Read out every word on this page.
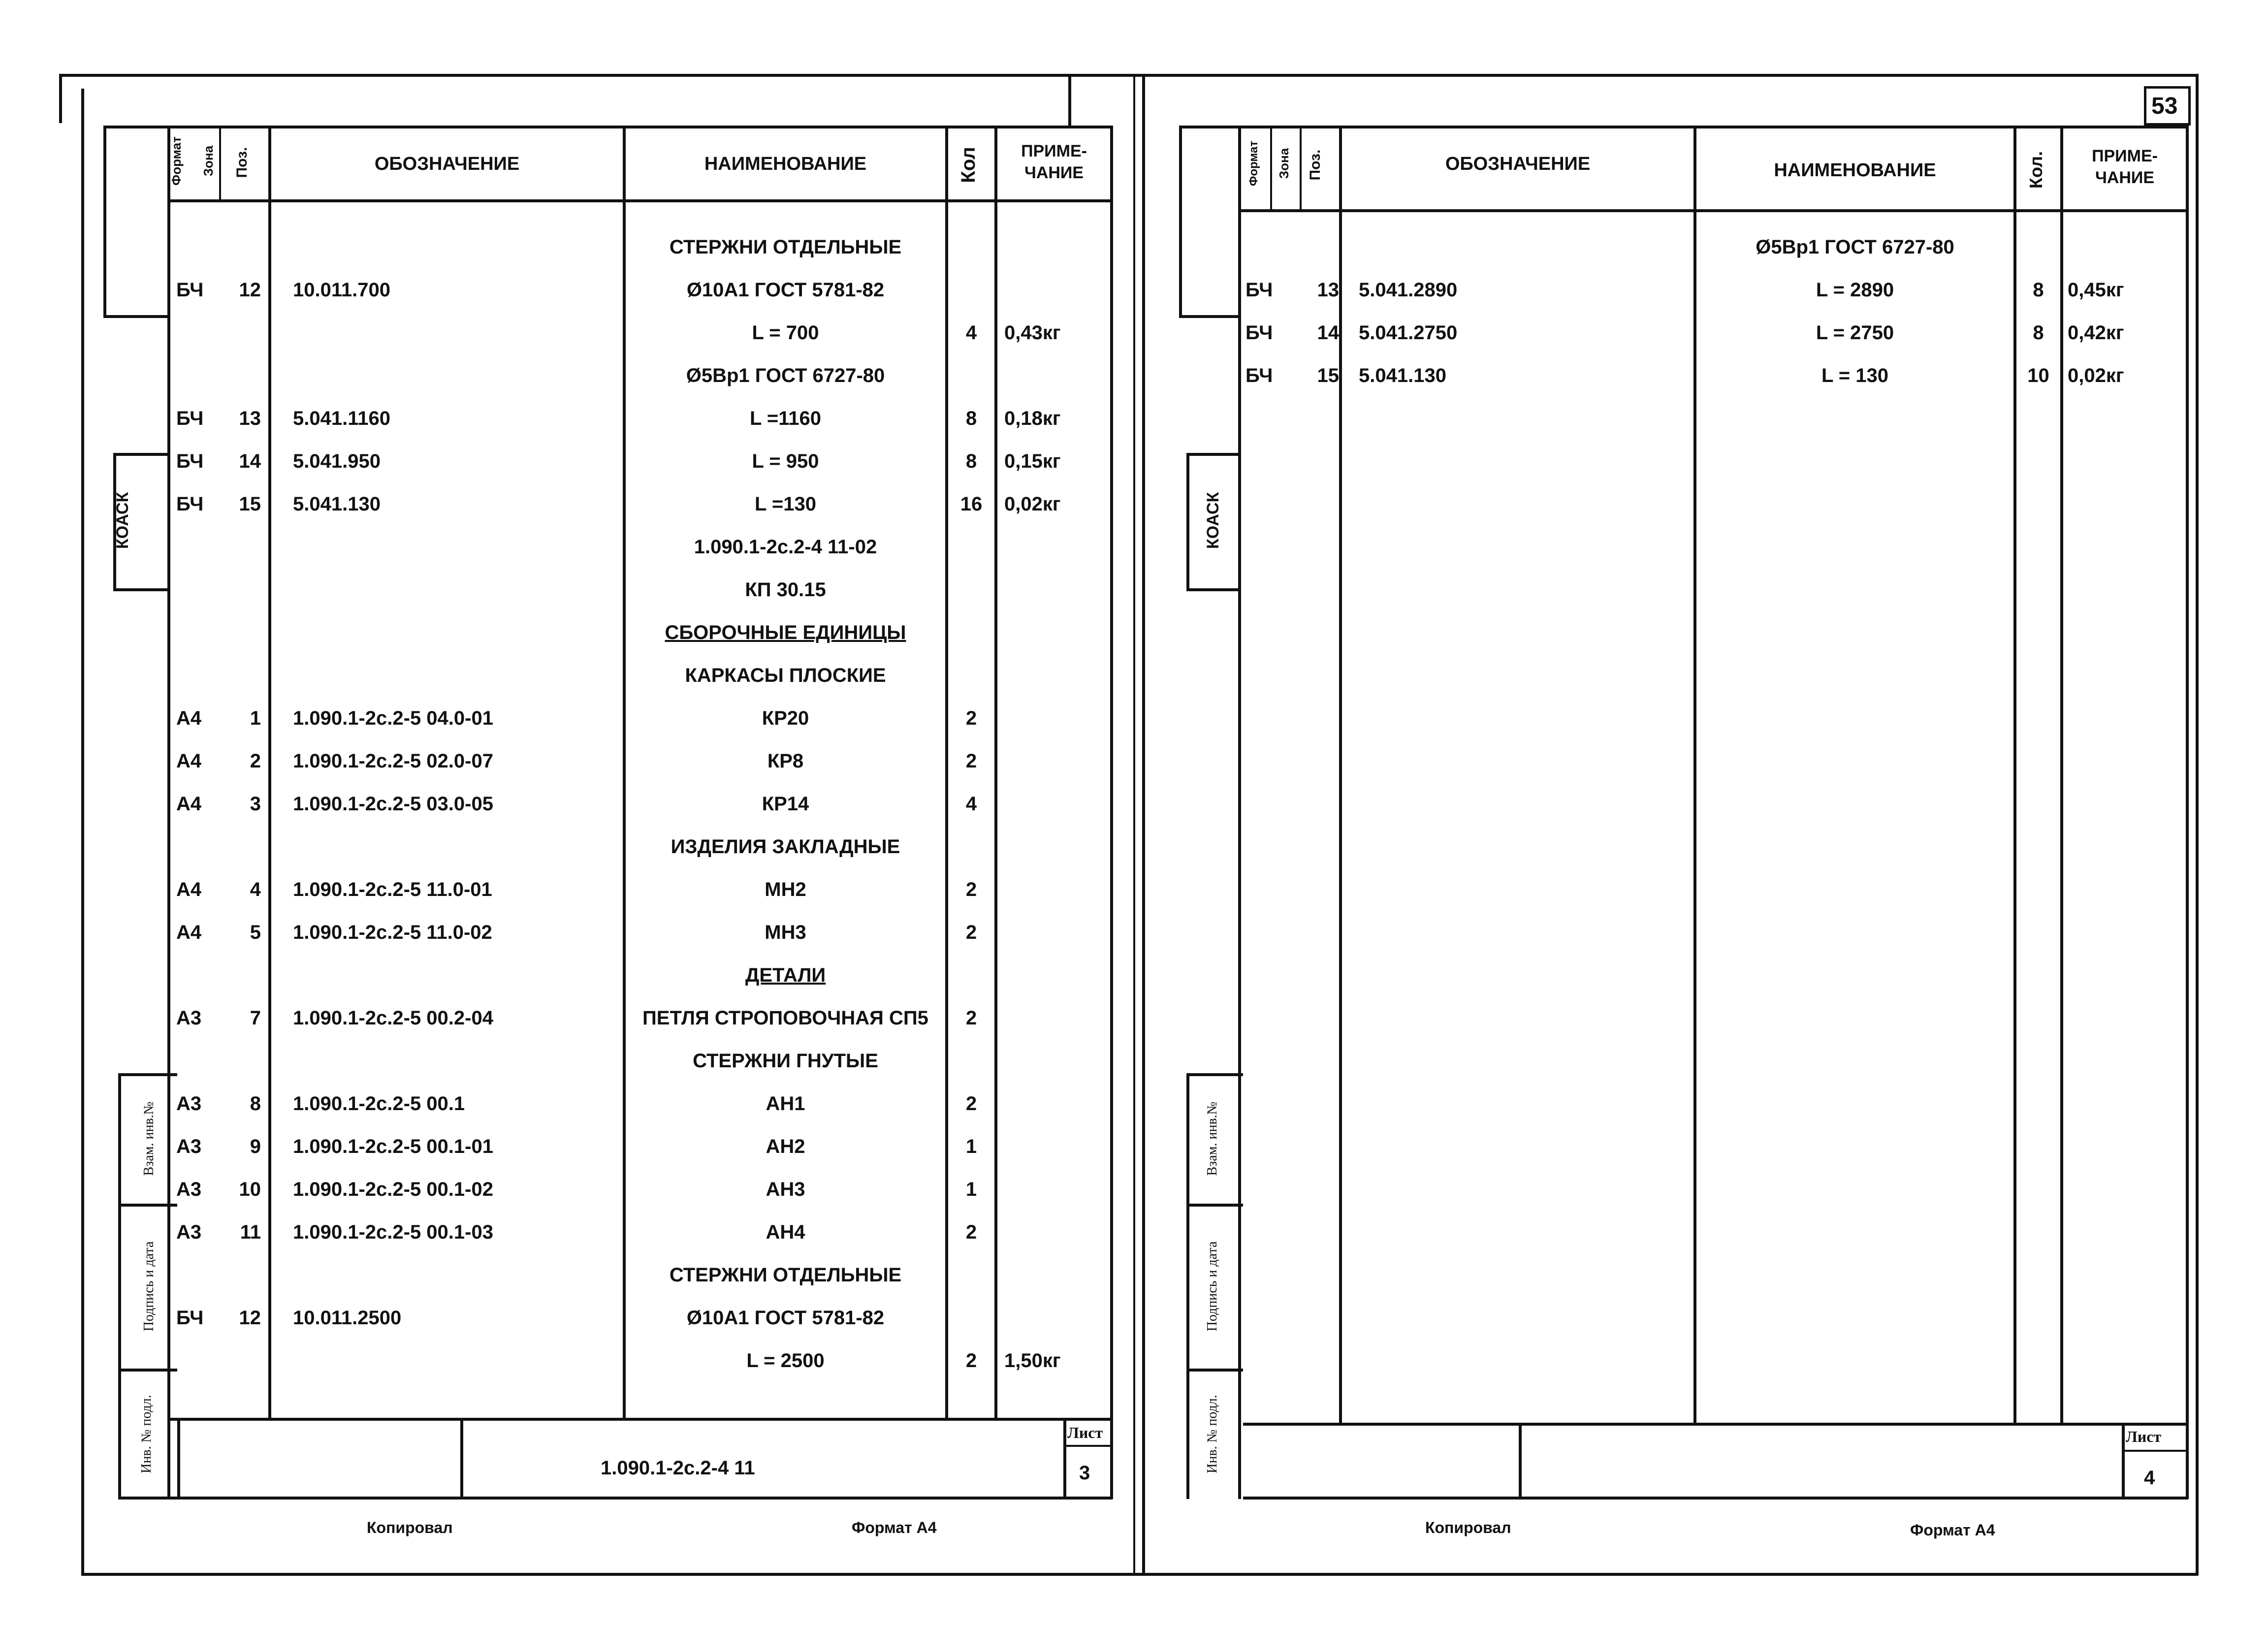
53
Формат Зона Поз.	ОБОЗНАЧЕНИЕ	НАИМЕНОВАНИЕ	Кол	ПРИМЕ-
ЧАНИЕ
КОАСК
Взам. инв.№
Подпись и дата
Инв. № подл.
СТЕРЖНИ ОТДЕЛЬНЫЕ
БЧ	12 10.011.700	Ø10А1 ГОСТ 5781-82
L = 700	4	0,43кг
Ø5Вр1 ГОСТ 6727-80
БЧ	13 5.041.1160	L =1160	8	0,18кг
БЧ	14 5.041.950	L = 950	8	0,15кг
БЧ	15 5.041.130	L =130	16	0,02кг
1.090.1-2с.2-4 11-02
КП 30.15
СБОРОЧНЫЕ ЕДИНИЦЫ
КАРКАСЫ ПЛОСКИЕ
А4	1 1.090.1-2с.2-5 04.0-01	КР20	2
А4	2 1.090.1-2с.2-5 02.0-07	КР8	2
А4	3 1.090.1-2с.2-5 03.0-05	КР14	4
ИЗДЕЛИЯ ЗАКЛАДНЫЕ
А4	4 1.090.1-2с.2-5 11.0-01	МН2	2
А4	5 1.090.1-2с.2-5 11.0-02	МН3	2
ДЕТАЛИ
А3	7 1.090.1-2с.2-5 00.2-04	ПЕТЛЯ СТРОПОВОЧНАЯ СП5	2
СТЕРЖНИ ГНУТЫЕ
А3	8 1.090.1-2с.2-5 00.1	АН1	2
А3	9 1.090.1-2с.2-5 00.1-01	АН2	1
А3	10 1.090.1-2с.2-5 00.1-02	АН3	1
А3	11 1.090.1-2с.2-5 00.1-03	АН4	2
СТЕРЖНИ ОТДЕЛЬНЫЕ
БЧ	12 10.011.2500	Ø10А1 ГОСТ 5781-82
L = 2500	2	1,50кг
1.090.1-2с.2-4 11
Лист
3
Копировал	Формат А4
Формат Зона Поз.	ОБОЗНАЧЕНИЕ	НАИМЕНОВАНИЕ	Кол.	ПРИМЕ-
ЧАНИЕ
КОАСК
Взам. инв.№
Подпись и дата
Инв. № подл.
Ø5Вр1 ГОСТ 6727-80
БЧ	13 5.041.2890	L = 2890	8	0,45кг
БЧ	14 5.041.2750	L = 2750	8	0,42кг
БЧ	15 5.041.130	L = 130	10 0,02кг
Лист
4
Копировал	Формат А4
